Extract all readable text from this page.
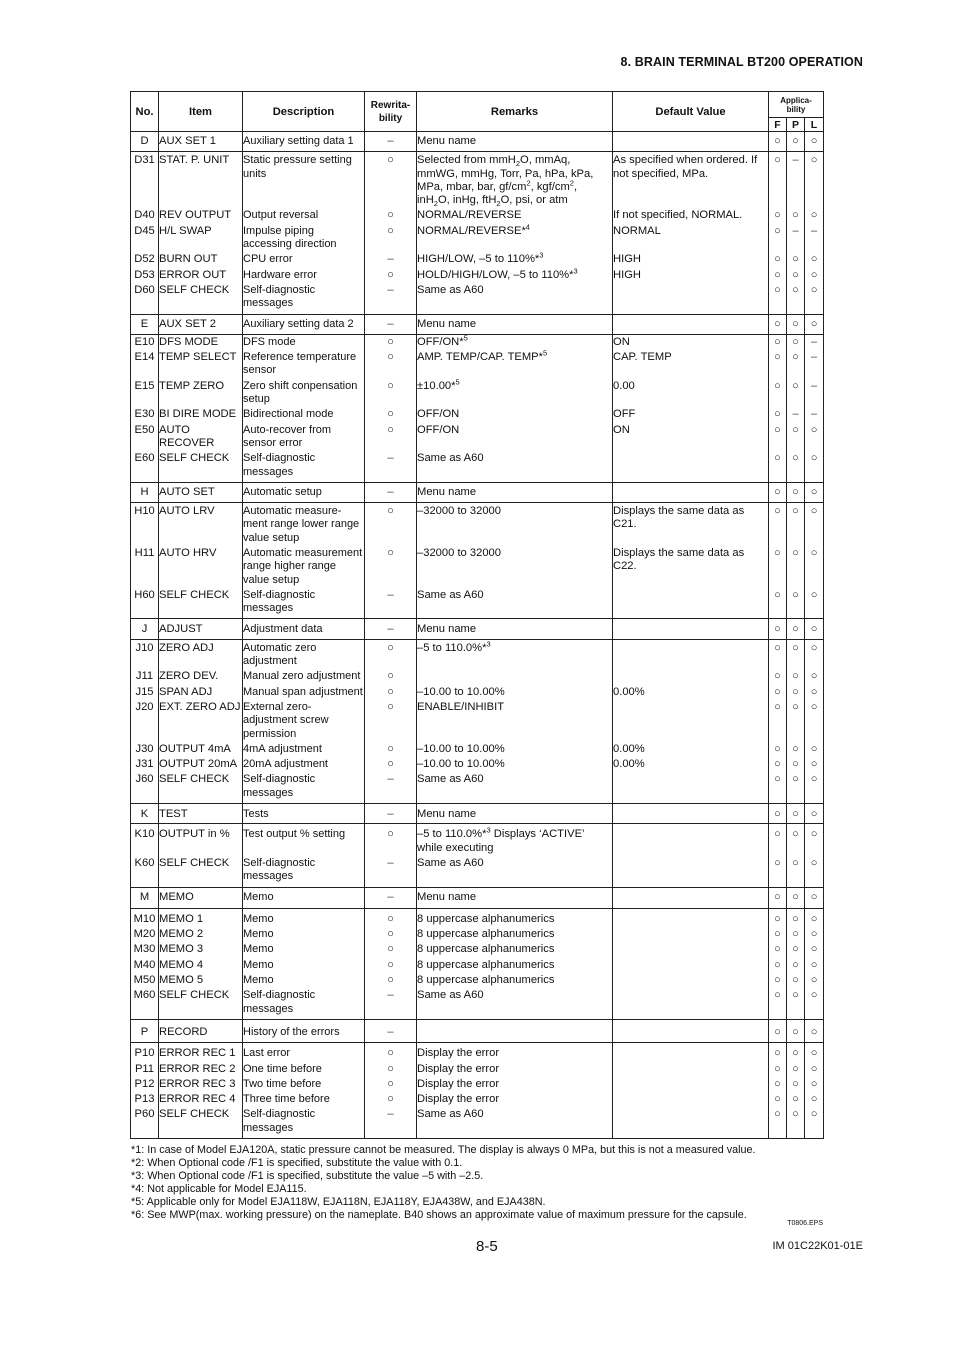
8. BRAIN TERMINAL BT200 OPERATION
No.	Item	Description	Rewrita-bility	Remarks	Default Value	Applica-bility		
						F	P	L
D	AUX SET 1	Auxiliary setting data 1	–	Menu name		○	○	○
D31	STAT. P. UNIT	Static pressure setting units	○	Selected from mmH$_2$O, mmAq, mmWG, mmHg, Torr, Pa, hPa, kPa, MPa, mbar, bar, $gf/cm^2$, kgf/$cm^2$, inH$_2$O, inHg, ftH$_2$O, psi, or atm	As specified when ordered. If not specified, MPa.	○	–	○
D40	REV OUTPUT	Output reversal	○	NORMAL/REVERSE	If not specified, NORMAL.	○	○	○
D45	H/L SWAP	Impulse piping accessing direction	○	NORMAL/REVERSE*$^4$	NORMAL	○	–	–
D52	BURN OUT	CPU error	–	HIGH/LOW, –5 to 110%*$^3$	HIGH	○	○	○
D53	ERROR OUT	Hardware error	○	HOLD/HIGH/LOW, –5 to 110%*$^3$	HIGH	○	○	○
D60	SELF CHECK	Self-diagnostic messages	–	Same as A60		○	○	○
E	AUX SET 2	Auxiliary setting data 2	–	Menu name		○	○	○
E10	DFS MODE	DFS mode	○	OFF/ON*$^5$	ON	○	○	–
E14	TEMP SELECT	Reference temperature sensor	○	AMP. TEMP/CAP. TEMP*$^5$	CAP. TEMP	○	○	–
E15	TEMP ZERO	Zero shift conpensation setup	○	±10.00*$^5$	0.00	○	○	–
E30	BI DIRE MODE	Bidirectional mode	○	OFF/ON	OFF	○	–	–
E50	AUTO RECOVER	Auto-recover from sensor error	○	OFF/ON	ON	○	○	○
E60	SELF CHECK	Self-diagnostic messages	–	Same as A60		○	○	○
H	AUTO SET	Automatic setup	–	Menu name		○	○	○
H10	AUTO LRV	Automatic measure-ment range lower range value setup	○	–32000 to 32000	Displays the same data as C21.	○	○	○
H11	AUTO HRV	Automatic measurement range higher range value setup	○	–32000 to 32000	Displays the same data as C22.	○	○	○
H60	SELF CHECK	Self-diagnostic messages	–	Same as A60		○	○	○
J	ADJUST	Adjustment data	–	Menu name		○	○	○
J10	ZERO ADJ	Automatic zero adjustment	○	–5 to 110.0%*$^3$		○	○	○
J11	ZERO DEV.	Manual zero adjustment	○			○	○	○
J15	SPAN ADJ	Manual span adjustment	○	–10.00 to 10.00%	0.00%	○	○	○
J20	EXT. ZERO ADJ	External zero-adjustment screw permission	○	ENABLE/INHIBIT		○	○	○
J30	OUTPUT 4mA	4mA adjustment	○	–10.00 to 10.00%	0.00%	○	○	○
J31	OUTPUT 20mA	20mA adjustment	○	–10.00 to 10.00%	0.00%	○	○	○
J60	SELF CHECK	Self-diagnostic messages	–	Same as A60		○	○	○
K	TEST	Tests	–	Menu name		○	○	○
K10	OUTPUT in %	Test output % setting	○	–5 to 110.0%*$^3$ Displays ‘ACTIVE’ while executing		○	○	○
K60	SELF CHECK	Self-diagnostic messages	–	Same as A60		○	○	○
M	MEMO	Memo	–	Menu name		○	○	○
M10	MEMO 1	Memo	○	8 uppercase alphanumerics		○	○	○
M20	MEMO 2	Memo	○	8 uppercase alphanumerics		○	○	○
M30	MEMO 3	Memo	○	8 uppercase alphanumerics		○	○	○
M40	MEMO 4	Memo	○	8 uppercase alphanumerics		○	○	○
M50	MEMO 5	Memo	○	8 uppercase alphanumerics		○	○	○
M60	SELF CHECK	Self-diagnostic messages	–	Same as A60		○	○	○
P	RECORD	History of the errors	–			○	○	○
P10	ERROR REC 1	Last error	○	Display the error		○	○	○
P11	ERROR REC 2	One time before	○	Display the error		○	○	○
P12	ERROR REC 3	Two time before	○	Display the error		○	○	○
P13	ERROR REC 4	Three time before	○	Display the error		○	○	○
P60	SELF CHECK	Self-diagnostic messages	–	Same as A60		○	○	○
*1: In case of Model EJA120A, static pressure cannot be measured. The display is always 0 MPa, but this is not a measured value.
*2: When Optional code /F1 is specified, substitute the value with 0.1.
*3: When Optional code /F1 is specified, substitute the value –5 with –2.5.
*4: Not applicable for Model EJA115.
*5: Applicable only for Model EJA118W, EJA118N, EJA118Y, EJA438W, and EJA438N.
*6: See MWP(max. working pressure) on the nameplate. B40 shows an approximate value of maximum pressure for the capsule.
T0806.EPS
8-5	IM 01C22K01-01E
